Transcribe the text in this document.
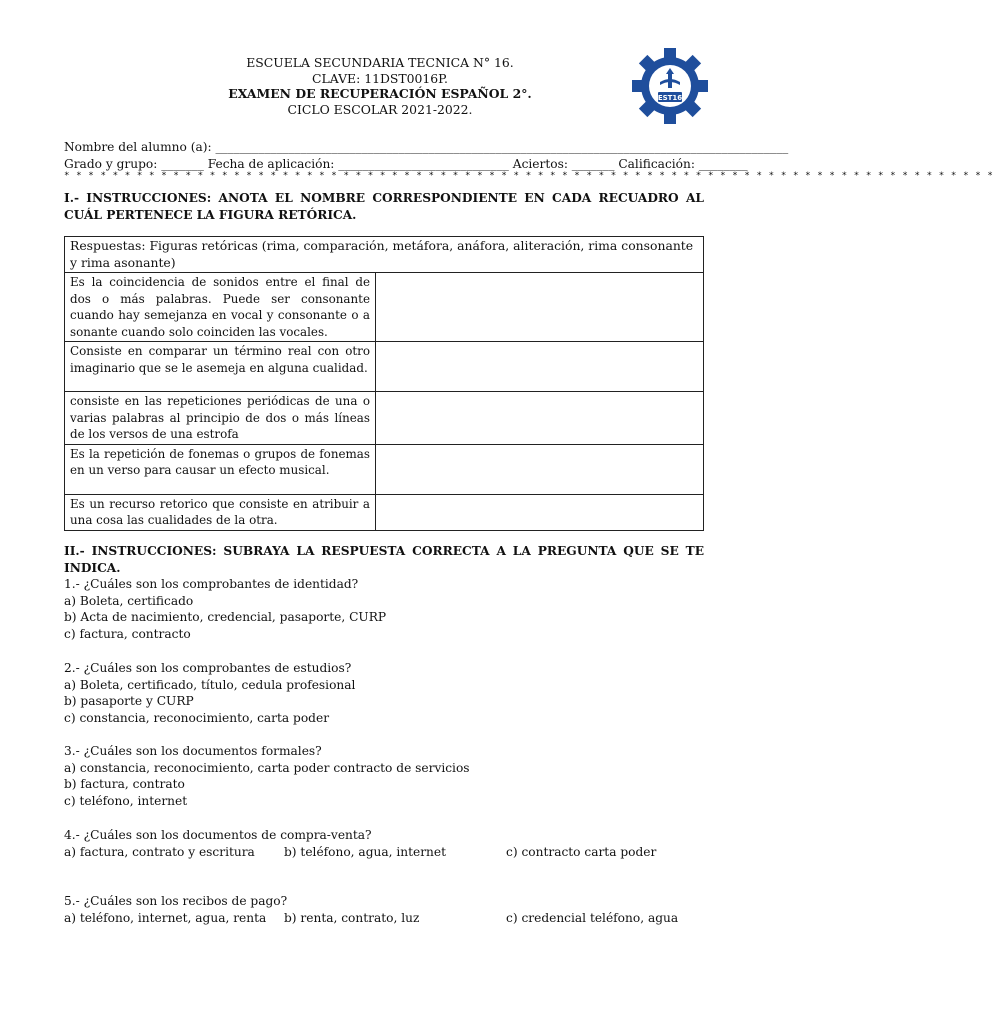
ESCUELA SECUNDARIA TECNICA N° 16.
CLAVE: 11DST0016P.
EXAMEN DE RECUPERACIÓN ESPAÑOL 2°.
CICLO ESCOLAR 2021-2022.
EST16
Nombre del alumno (a): ______________________________________________________________________________________________
Grado y grupo: _______ Fecha de aplicación: ____________________________ Aciertos: _______ Calificación: ________
* * * * * * * * * * * * * * * * * * * * * * * * * * * * * * * * * * * * * * * * * * * * * * * * * * * * * * * * * * * * * * * * * * * * * * * * * * * * *
I.- INSTRUCCIONES: ANOTA EL NOMBRE CORRESPONDIENTE EN CADA RECUADRO AL CUÁL PERTENECE LA FIGURA RETÓRICA.
Respuestas: Figuras retóricas (rima, comparación, metáfora, anáfora, aliteración, rima consonante y rima asonante)	
Es la coincidencia de sonidos entre el final de dos o más palabras. Puede ser consonante cuando hay semejanza en vocal y consonante o a sonante cuando solo coinciden las vocales.	
Consiste en comparar un término real con otro imaginario que se le asemeja en alguna cualidad.	
consiste en las repeticiones periódicas de una o varias palabras al principio de dos o más líneas de los versos de una estrofa	
Es la repetición de fonemas o grupos de fonemas en un verso para causar un efecto musical.	
Es un recurso retorico que consiste en atribuir a una cosa las cualidades de la otra.	
II.- INSTRUCCIONES: SUBRAYA LA RESPUESTA CORRECTA A LA PREGUNTA QUE SE TE INDICA.
1.- ¿Cuáles son los comprobantes de identidad?
a) Boleta, certificado
b) Acta de nacimiento, credencial, pasaporte, CURP
c) factura, contracto
2.- ¿Cuáles son los comprobantes de estudios?
a) Boleta, certificado, título, cedula profesional
b) pasaporte y CURP
c) constancia, reconocimiento, carta poder
3.- ¿Cuáles son los documentos formales?
a) constancia, reconocimiento, carta poder contracto de servicios
b) factura, contrato
c) teléfono, internet
4.- ¿Cuáles son los documentos de compra-venta?
a) factura, contrato y escritura b) teléfono, agua, internet	c) contracto carta poder
5.- ¿Cuáles son los recibos de pago?
a) teléfono, internet, agua, renta b) renta, contrato, luz	c) credencial teléfono, agua
